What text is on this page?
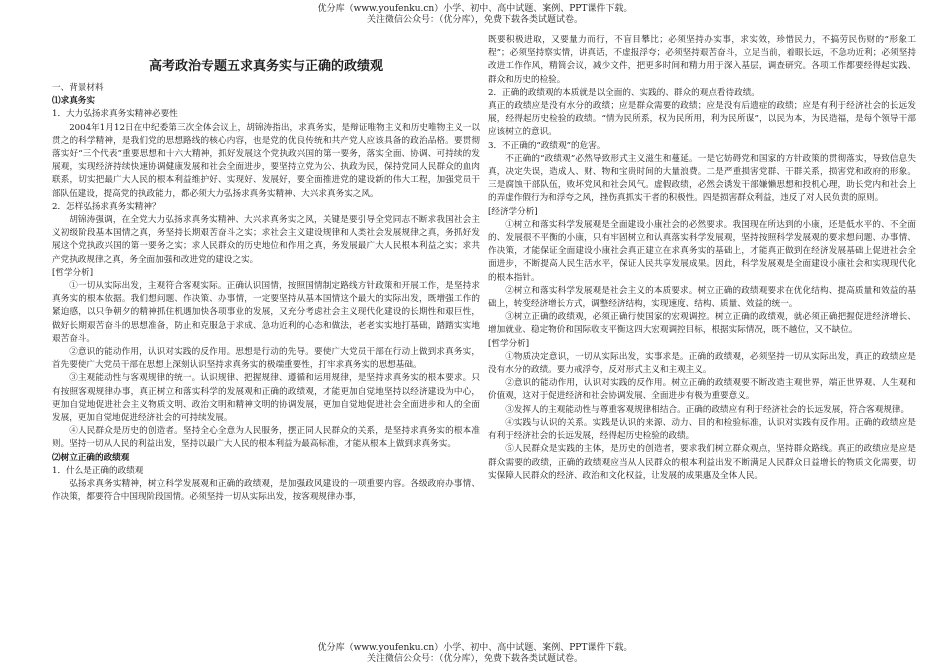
优分库（www.youfenku.cn）小学、初中、高中试题、案例、PPT课件下载。
关注微信公众号：（优分库），免费下载各类试题试卷。
高考政治专题五求真务实与正确的政绩观

一、背景材料

⑴求真务实

1．大力弘扬求真务实精神必要性

2004年1月12日在中纪委第三次全体会议上，胡锦涛指出，求真务实，是辩证唯物主义和历史唯物主义一以贯之的科学精神，是我们党的思想路线的核心内容，也是党的优良传统和共产党人应该具备的政治品格。要贯彻落实好“三个代表”重要思想和十六大精神，抓好发展这个党执政兴国的第一要务，落实全面、协调、可持续的发展观，实现经济持续快速协调健康发展和社会全面进步，要坚持立党为公、执政为民，保持党同人民群众的血肉联系，切实把最广大人民的根本利益维护好、实现好、发展好，要全面推进党的建设新的伟大工程，加强党员干部队伍建设，提高党的执政能力，都必须大力弘扬求真务实精神、大兴求真务实之风。

2．怎样弘扬求真务实精神？

胡锦涛强调，在全党大力弘扬求真务实精神、大兴求真务实之风，关键是要引导全党同志不断求我国社会主义初级阶段基本国情之真，务坚持长期艰苦奋斗之实；求社会主义建设规律和人类社会发展规律之真，务抓好发展这个党执政兴国的第一要务之实；求人民群众的历史地位和作用之真，务发展最广大人民根本利益之实；求共产党执政规律之真，务全面加强和改进党的建设之实。

[哲学分析]

①一切从实际出发，主观符合客观实际。正确认识国情，按照国情制定路线方针政策和开展工作，是坚持求真务实的根本依据。我们想问题、作决策、办事情，一定要坚持从基本国情这个最大的实际出发，既增强工作的紧迫感，以只争朝夕的精神抓住机遇加快各项事业的发展，又充分考虑社会主义现代化建设的长期性和艰巨性，做好长期艰苦奋斗的思想准备，防止和克服急于求成、急功近利的心态和做法，老老实实地打基础，踏踏实实地艰苦奋斗。

②意识的能动作用，认识对实践的反作用。思想是行动的先导。要使广大党员干部在行动上做到求真务实，首先要使广大党员干部在思想上深刻认识坚持求真务实的极端重要性，打牢求真务实的思想基础。

③主观能动性与客观规律的统一。认识规律、把握规律、遵循和运用规律，是坚持求真务实的根本要求。只有按照客观规律办事，真正树立和落实科学的发展观和正确的政绩观，才能更加自觉地坚持以经济建设为中心，更加自觉地促进社会主义物质文明、政治文明和精神文明的协调发展，更加自觉地促进社会全面进步和人的全面发展，更加自觉地促进经济社会的可持续发展。

④人民群众是历史的创造者。坚持全心全意为人民服务，摆正同人民群众的关系，是坚持求真务实的根本准则。坚持一切从人民的利益出发，坚持以最广大人民的根本利益为最高标准，才能从根本上做到求真务实。

⑵树立正确的政绩观

1．什么是正确的政绩观

弘扬求真务实精神，树立科学发展观和正确的政绩观，是加强政风建设的一项重要内容。各级政府办事情、作决策，都要符合中国现阶段国情。必须坚持一切从实际出发，按客观规律办事，

既要积极进取，又要量力而行，不盲目攀比；必须坚持办实事，求实效，珍惜民力，不搞劳民伤财的“形象工程”；必须坚持察实情，讲真话，不虚报浮夸；必须坚持艰苦奋斗，立足当前，着眼长远，不急功近利；必须坚持改进工作作风，精简会议，减少文件，把更多时间和精力用于深入基层，调查研究。各项工作都要经得起实践、群众和历史的检验。

2．正确的政绩观的本质就是以全面的、实践的、群众的观点看待政绩。

真正的政绩应是没有水分的政绩；应是群众需要的政绩；应是没有后遗症的政绩；应是有利于经济社会的长远发展，经得起历史检验的政绩。“情为民所系，权为民所用，利为民所谋”，以民为本，为民造福，是每个领导干部应该树立的意识。

3．不正确的“政绩观”的危害。

不正确的“政绩观”必然导致形式主义滋生和蔓延。一是它妨碍党和国家的方针政策的贯彻落实，导致信息失真，决定失误，造成人、财、物和宝贵时间的大量浪费。二是严重损害党群、干群关系，损害党和政府的形象。三是腐蚀干部队伍，败坏党风和社会风气。虚假政绩，必然会诱发干部嫌懒思想和投机心理，助长党内和社会上的弄虚作假行为和浮夸之风，挫伤真抓实干者的积极性。四是损害群众利益，违反了对人民负责的原则。

[经济学分析]

①树立和落实科学发展观是全面建设小康社会的必然要求。我国现在所达到的小康，还是低水平的、不全面的、发展很不平衡的小康，只有牢固树立和认真落实科学发展观，坚持按照科学发展观的要求想问题、办事情、作决策，才能保证全面建设小康社会真正建立在求真务实的基础上，才能真正做到在经济发展基础上促进社会全面进步，不断提高人民生活水平，保证人民共享发展成果。因此，科学发展观是全面建设小康社会和实现现代化的根本指针。

②树立和落实科学发展观是社会主义的本质要求。树立正确的政绩观要求在优化结构、提高质量和效益的基础上，转变经济增长方式，调整经济结构，实现速度、结构、质量、效益的统一。

③树立正确的政绩观，必须正确行使国家的宏观调控。树立正确的政绩观，就必须正确把握促进经济增长、增加就业、稳定物价和国际收支平衡这四大宏观调控目标，根据实际情况，既不越位，又不缺位。

[哲学分析]

①物质决定意识，一切从实际出发，实事求是。正确的政绩观，必须坚持一切从实际出发，真正的政绩应是没有水分的政绩。要力戒浮夸，反对形式主义和主观主义。

②意识的能动作用，认识对实践的反作用。树立正确的政绩观要不断改造主观世界，端正世界观、人生观和价值观，这对于促进经济和社会协调发展、全面进步有极为重要意义。

③发挥人的主观能动性与尊重客观规律相结合。正确的政绩应有利于经济社会的长远发展，符合客观规律。

④实践与认识的关系。实践是认识的来源、动力、目的和检验标准，认识对实践有反作用。正确的政绩应是有利于经济社会的长远发展，经得起历史检验的政绩。

⑤人民群众是实践的主体，是历史的创造者，要求我们树立群众观点，坚持群众路线。真正的政绩应是应是群众需要的政绩，正确的政绩观应当从人民群众的根本利益出发不断满足人民群众日益增长的物质文化需要，切实保障人民群众的经济、政治和文化权益，让发展的成果惠及全体人民。

优分库（www.youfenku.cn）小学、初中、高中试题、案例、PPT课件下载。
关注微信公众号：（优分库），免费下载各类试题试卷。
